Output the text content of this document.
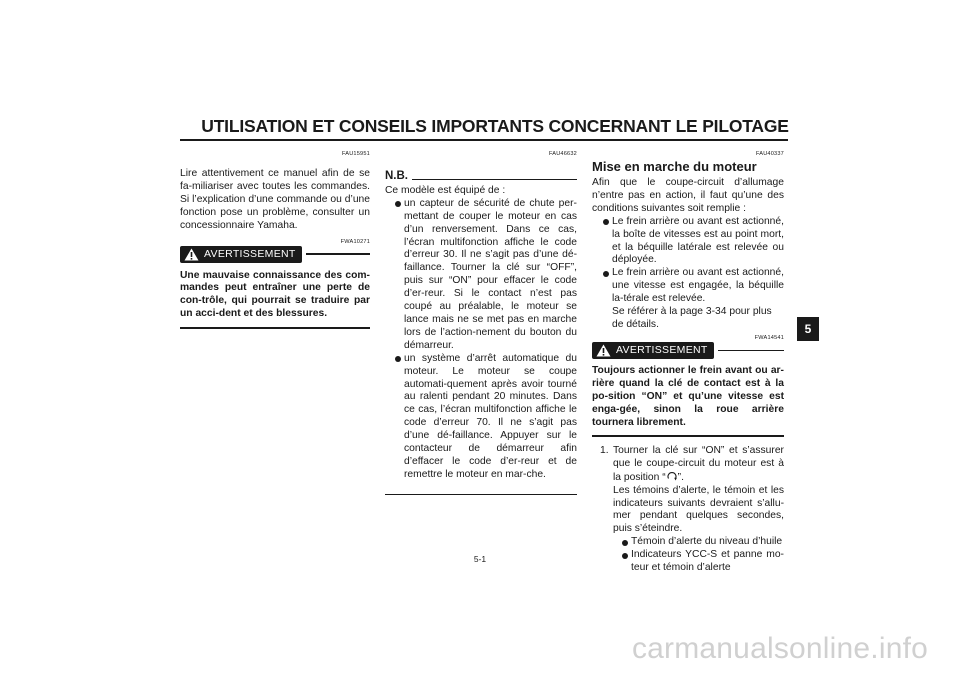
UTILISATION ET CONSEILS IMPORTANTS CONCERNANT LE PILOTAGE
FAU15951
Lire attentivement ce manuel afin de se fa-miliariser avec toutes les commandes. Si l’explication d’une commande ou d’une fonction pose un problème, consulter un concessionnaire Yamaha.
FWA10271
AVERTISSEMENT
Une mauvaise connaissance des com-mandes peut entraîner une perte de con-trôle, qui pourrait se traduire par un acci-dent et des blessures.
FAU46632
N.B.
Ce modèle est équipé de :
un capteur de sécurité de chute per-mettant de couper le moteur en cas d’un renversement. Dans ce cas, l’écran multifonction affiche le code d’erreur 30. Il ne s’agit pas d’une dé-faillance. Tourner la clé sur “OFF”, puis sur “ON” pour effacer le code d’er-reur. Si le contact n’est pas coupé au préalable, le moteur se lance mais ne se met pas en marche lors de l’action-nement du bouton du démarreur.
un système d’arrêt automatique du moteur. Le moteur se coupe automati-quement après avoir tourné au ralenti pendant 20 minutes. Dans ce cas, l’écran multifonction affiche le code d’erreur 70. Il ne s’agit pas d’une dé-faillance. Appuyer sur le contacteur de démarreur afin d’effacer le code d’er-reur et de remettre le moteur en mar-che.
FAU40337
Mise en marche du moteur
Afin que le coupe-circuit d’allumage n’entre pas en action, il faut qu’une des conditions suivantes soit remplie :
Le frein arrière ou avant est actionné, la boîte de vitesses est au point mort, et la béquille latérale est relevée ou déployée.
Le frein arrière ou avant est actionné, une vitesse est engagée, la béquille la-térale est relevée.
Se référer à la page 3-34 pour plus de détails.
FWA14541
AVERTISSEMENT
Toujours actionner le frein avant ou ar-rière quand la clé de contact est à la po-sition “ON” et qu’une vitesse est enga-gée, sinon la roue arrière tournera librement.
1. Tourner la clé sur “ON” et s’assurer que le coupe-circuit du moteur est à la position “ ”.
Les témoins d’alerte, le témoin et les indicateurs suivants devraient s’allu-mer pendant quelques secondes, puis s’éteindre.
Témoin d’alerte du niveau d’huile
Indicateurs YCC-S et panne mo-teur et témoin d’alerte
5
5-1
carmanualsonline.info
